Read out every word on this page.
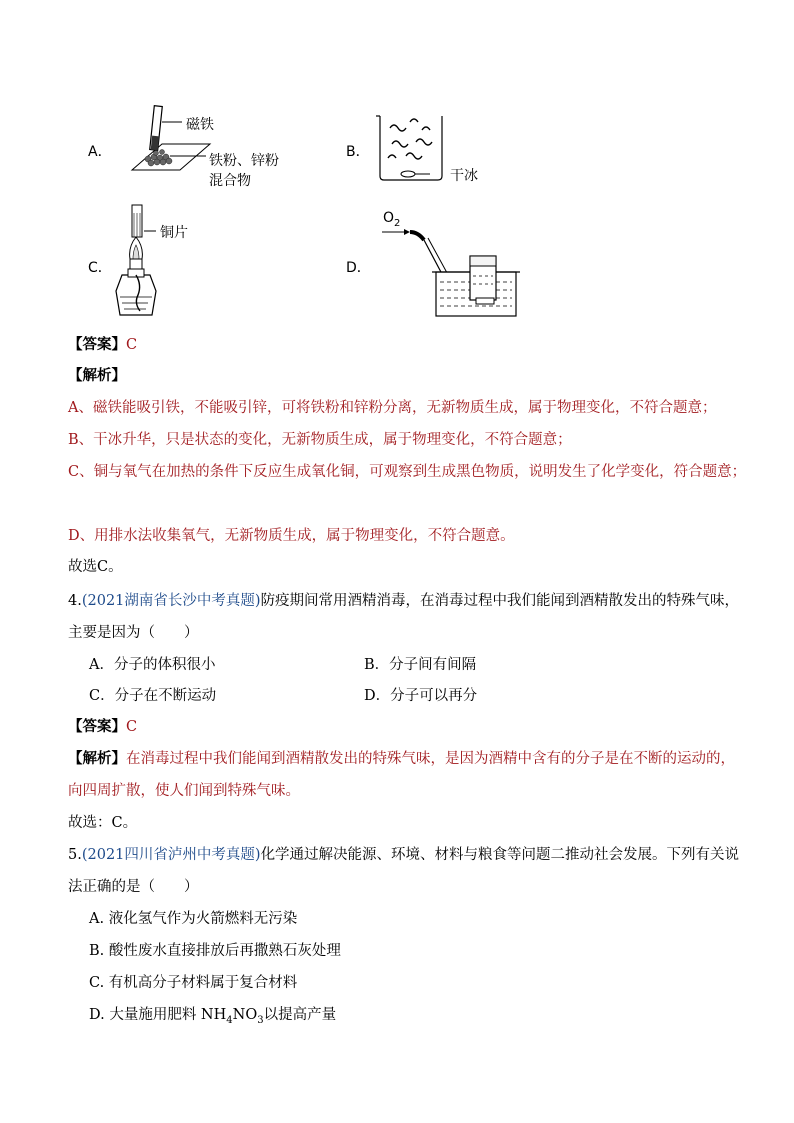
A．
磁铁
铁粉、锌粉
混合物
B．
干冰
C．
铜片
D．
$O_2$
【答案】C
【解析】
A、磁铁能吸引铁，不能吸引锌，可将铁粉和锌粉分离，无新物质生成，属于物理变化，不符合题意；
B、干冰升华，只是状态的变化，无新物质生成，属于物理变化，不符合题意；
C、铜与氧气在加热的条件下反应生成氧化铜，可观察到生成黑色物质，说明发生了化学变化，符合题意；
D、用排水法收集氧气，无新物质生成，属于物理变化，不符合题意。
故选C。
4.(2021湖南省长沙中考真题)防疫期间常用酒精消毒，在消毒过程中我们能闻到酒精散发出的特殊气味，
主要是因为（　　）
A．分子的体积很小	B．分子间有间隔
C．分子在不断运动	D．分子可以再分
【答案】C
【解析】在消毒过程中我们能闻到酒精散发出的特殊气味，是因为酒精中含有的分子是在不断的运动的，
向四周扩散，使人们闻到特殊气味。
故选：C。
5.(2021四川省泸州中考真题)化学通过解决能源、环境、材料与粮食等问题二推动社会发展。下列有关说
法正确的是（　　）
A. 液化氢气作为火箭燃料无污染
B. 酸性废水直接排放后再撒熟石灰处理
C. 有机高分子材料属于复合材料
D. 大量施用肥料 $NH_4NO_3$以提高产量
